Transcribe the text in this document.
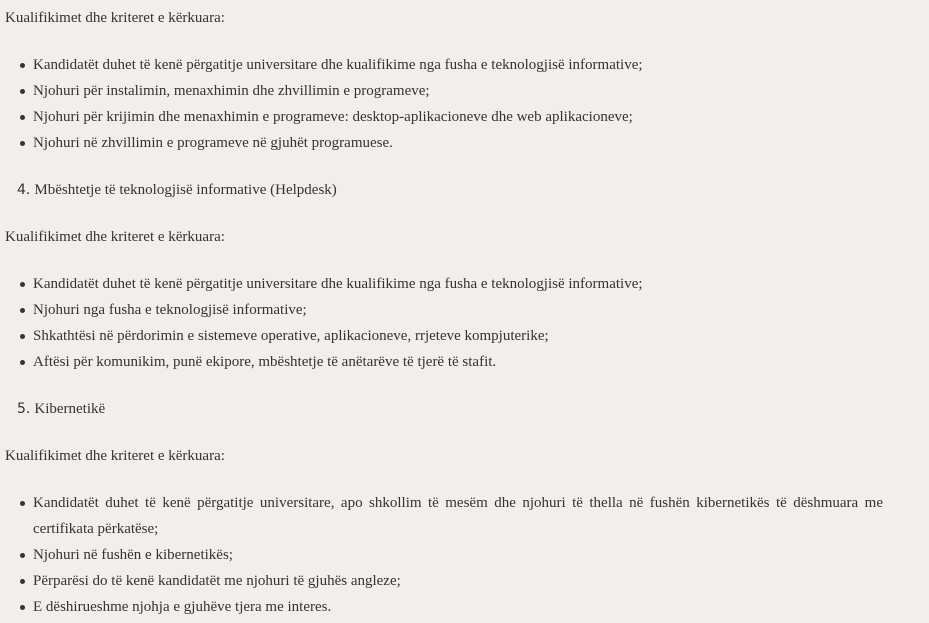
Kualifikimet dhe kriteret e kërkuara:

Kandidatët duhet të kenë përgatitje universitare dhe kualifikime nga fusha e teknologjisë informative;
Njohuri për instalimin, menaxhimin dhe zhvillimin e programeve;
Njohuri për krijimin dhe menaxhimin e programeve: desktop-aplikacioneve dhe web aplikacioneve;
Njohuri në zhvillimin e programeve në gjuhët programuese.
4. Mbështetje të teknologjisë informative (Helpdesk)

Kualifikimet dhe kriteret e kërkuara:

Kandidatët duhet të kenë përgatitje universitare dhe kualifikime nga fusha e teknologjisë informative;
Njohuri nga fusha e teknologjisë informative;
Shkathtësi në përdorimin e sistemeve operative, aplikacioneve, rrjeteve kompjuterike;
Aftësi për komunikim, punë ekipore, mbështetje të anëtarëve të tjerë të stafit.
5. Kibernetikë

Kualifikimet dhe kriteret e kërkuara:

Kandidatët duhet të kenë përgatitje universitare, apo shkollim të mesëm dhe njohuri të thella në fushën kibernetikës të dëshmuara me certifikata përkatëse;
Njohuri në fushën e kibernetikës;
Përparësi do të kenë kandidatët me njohuri të gjuhës angleze;
E dëshirueshme njohja e gjuhëve tjera me interes.
